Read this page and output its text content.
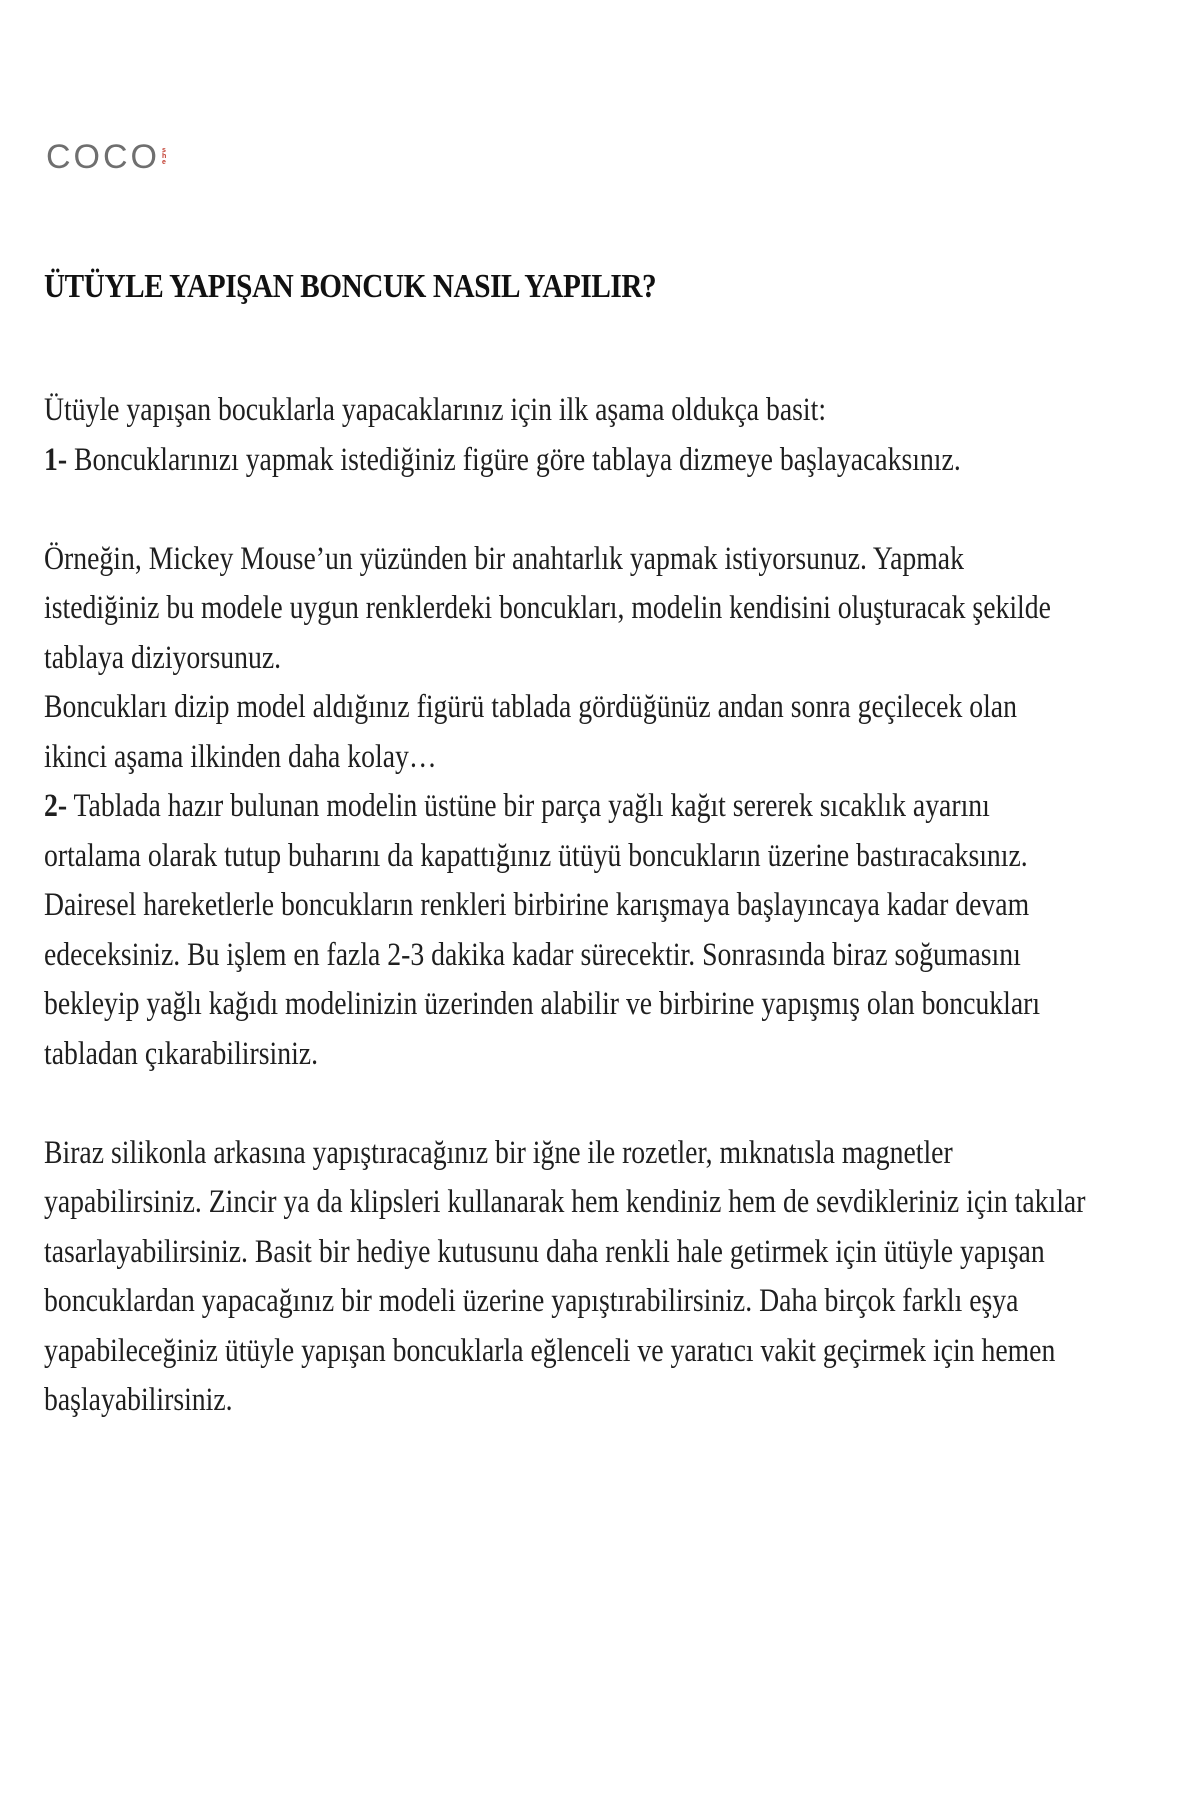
COCO s
h
e
ÜTÜYLE YAPIŞAN BONCUK NASIL YAPILIR?

Ütüyle yapışan bocuklarla yapacaklarınız için ilk aşama oldukça basit:

1- Boncuklarınızı yapmak istediğiniz figüre göre tablaya dizmeye başlayacaksınız.

Örneğin, Mickey Mouse’un yüzünden bir anahtarlık yapmak istiyorsunuz. Yapmak istediğiniz bu modele uygun renklerdeki boncukları, modelin kendisini oluşturacak şekilde tablaya diziyorsunuz.

Boncukları dizip model aldığınız figürü tablada gördüğünüz andan sonra geçilecek olan ikinci aşama ilkinden daha kolay…

2- Tablada hazır bulunan modelin üstüne bir parça yağlı kağıt sererek sıcaklık ayarını ortalama olarak tutup buharını da kapattığınız ütüyü boncukların üzerine bastıracaksınız. Dairesel hareketlerle boncukların renkleri birbirine karışmaya başlayıncaya kadar devam edeceksiniz. Bu işlem en fazla 2-3 dakika kadar sürecektir. Sonrasında biraz soğumasını bekleyip yağlı kağıdı modelinizin üzerinden alabilir ve birbirine yapışmış olan boncukları tabladan çıkarabilirsiniz.

Biraz silikonla arkasına yapıştıracağınız bir iğne ile rozetler, mıknatısla magnetler yapabilirsiniz. Zincir ya da klipsleri kullanarak hem kendiniz hem de sevdikleriniz için takılar tasarlayabilirsiniz. Basit bir hediye kutusunu daha renkli hale getirmek için ütüyle yapışan boncuklardan yapacağınız bir modeli üzerine yapıştırabilirsiniz. Daha birçok farklı eşya yapabileceğiniz ütüyle yapışan boncuklarla eğlenceli ve yaratıcı vakit geçirmek için hemen başlayabilirsiniz.
